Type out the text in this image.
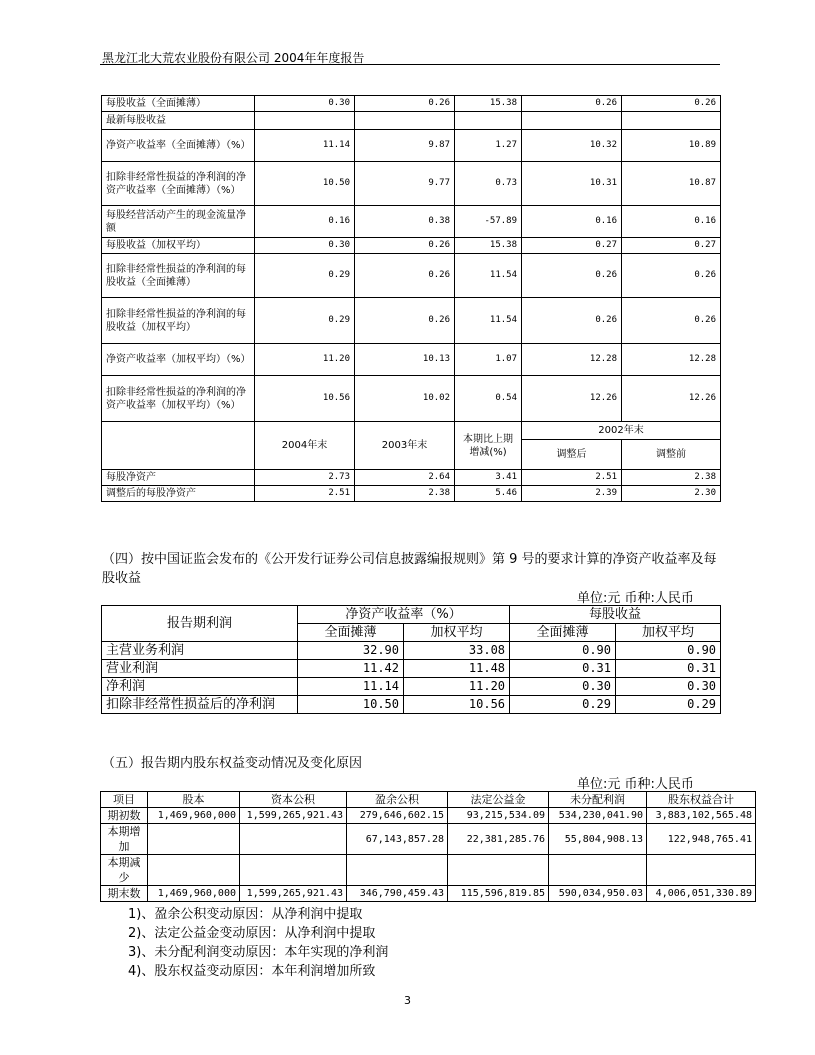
黑龙江北大荒农业股份有限公司 2004年年度报告
每股收益（全面摊薄）	0.30	0.26	15.38	0.26	0.26
最新每股收益					
净资产收益率（全面摊薄）（%）	11.14	9.87	1.27	10.32	10.89
扣除非经常性损益的净利润的净资产收益率（全面摊薄）（%）	10.50	9.77	0.73	10.31	10.87
每股经营活动产生的现金流量净额	0.16	0.38	-57.89	0.16	0.16
每股收益（加权平均）	0.30	0.26	15.38	0.27	0.27
扣除非经常性损益的净利润的每股收益（全面摊薄）	0.29	0.26	11.54	0.26	0.26
扣除非经常性损益的净利润的每股收益（加权平均）	0.29	0.26	11.54	0.26	0.26
净资产收益率（加权平均）（%）	11.20	10.13	1.07	12.28	12.28
扣除非经常性损益的净利润的净资产收益率（加权平均）（%）	10.56	10.02	0.54	12.26	12.26
	2004年末	2003年末	本期比上期增减(%)	2002年末	
				调整后	调整前
每股净资产	2.73	2.64	3.41	2.51	2.38
调整后的每股净资产	2.51	2.38	5.46	2.39	2.30
（四）按中国证监会发布的《公开发行证券公司信息披露编报规则》第 9 号的要求计算的净资产收益率及每股收益
单位:元 币种:人民币
报告期利润	净资产收益率（%）		每股收益	
	全面摊薄	加权平均	全面摊薄	加权平均
主营业务利润	32.90	33.08	0.90	0.90
营业利润	11.42	11.48	0.31	0.31
净利润	11.14	11.20	0.30	0.30
扣除非经常性损益后的净利润	10.50	10.56	0.29	0.29
（五）报告期内股东权益变动情况及变化原因
单位:元 币种:人民币
项目	股本	资本公积	盈余公积	法定公益金	未分配利润	股东权益合计
期初数	1,469,960,000	1,599,265,921.43	279,646,602.15	93,215,534.09	534,230,041.90	3,883,102,565.48
本期增加			67,143,857.28	22,381,285.76	55,804,908.13	122,948,765.41
本期减少						
期末数	1,469,960,000	1,599,265,921.43	346,790,459.43	115,596,819.85	590,034,950.03	4,006,051,330.89
1)、盈余公积变动原因：从净利润中提取
2)、法定公益金变动原因：从净利润中提取
3)、未分配利润变动原因：本年实现的净利润
4)、股东权益变动原因：本年利润增加所致
3
